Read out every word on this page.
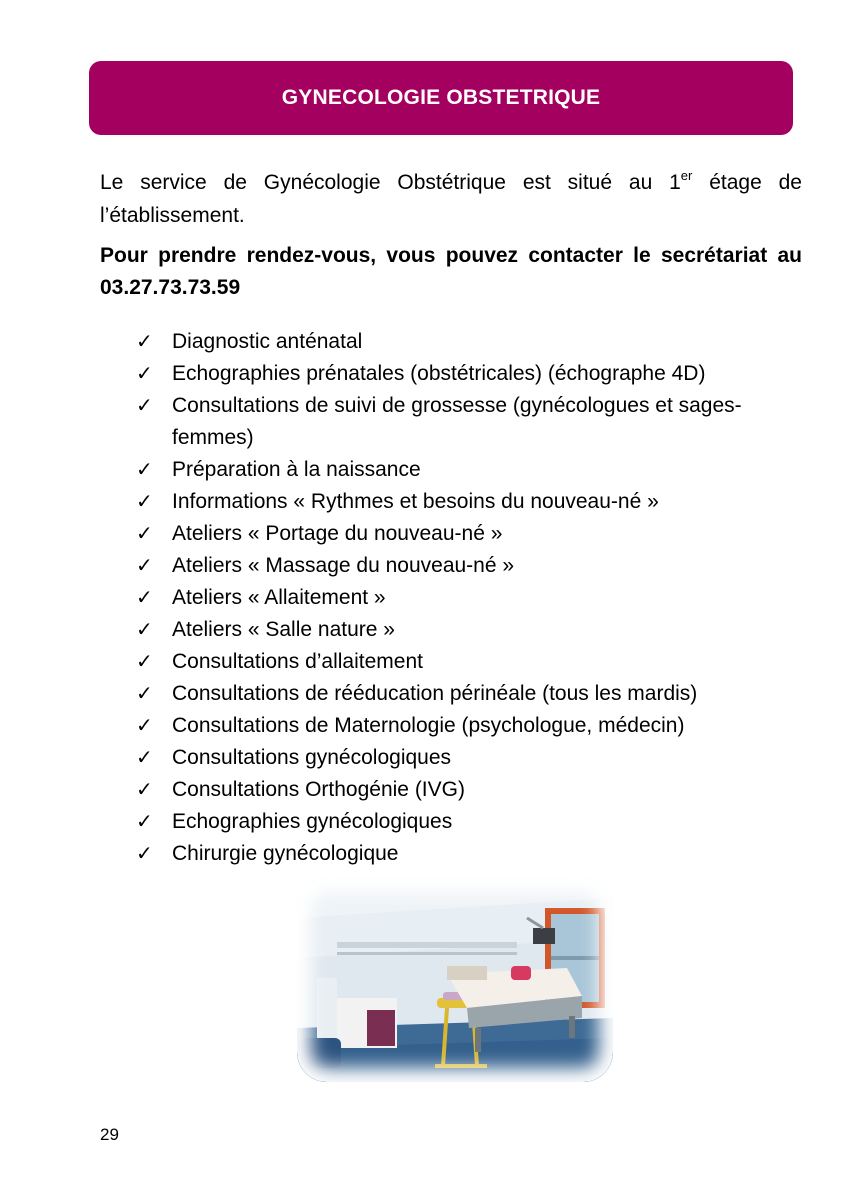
GYNECOLOGIE OBSTETRIQUE

Le service de Gynécologie Obstétrique est situé au 1er étage de l’établissement.

Pour prendre rendez-vous, vous pouvez contacter le secrétariat au 03.27.73.73.59

✓ Diagnostic anténatal
✓ Echographies prénatales (obstétricales) (échographe 4D)
✓ Consultations de suivi de grossesse (gynécologues et sages-femmes)
✓ Préparation à la naissance
✓ Informations « Rythmes et besoins du nouveau-né »
✓ Ateliers « Portage du nouveau-né »
✓ Ateliers « Massage du nouveau-né »
✓ Ateliers « Allaitement »
✓ Ateliers « Salle nature »
✓ Consultations d’allaitement
✓ Consultations de rééducation périnéale (tous les mardis)
✓ Consultations de Maternologie (psychologue, médecin)
✓ Consultations gynécologiques
✓ Consultations Orthogénie (IVG)
✓ Echographies gynécologiques
✓ Chirurgie gynécologique
29
